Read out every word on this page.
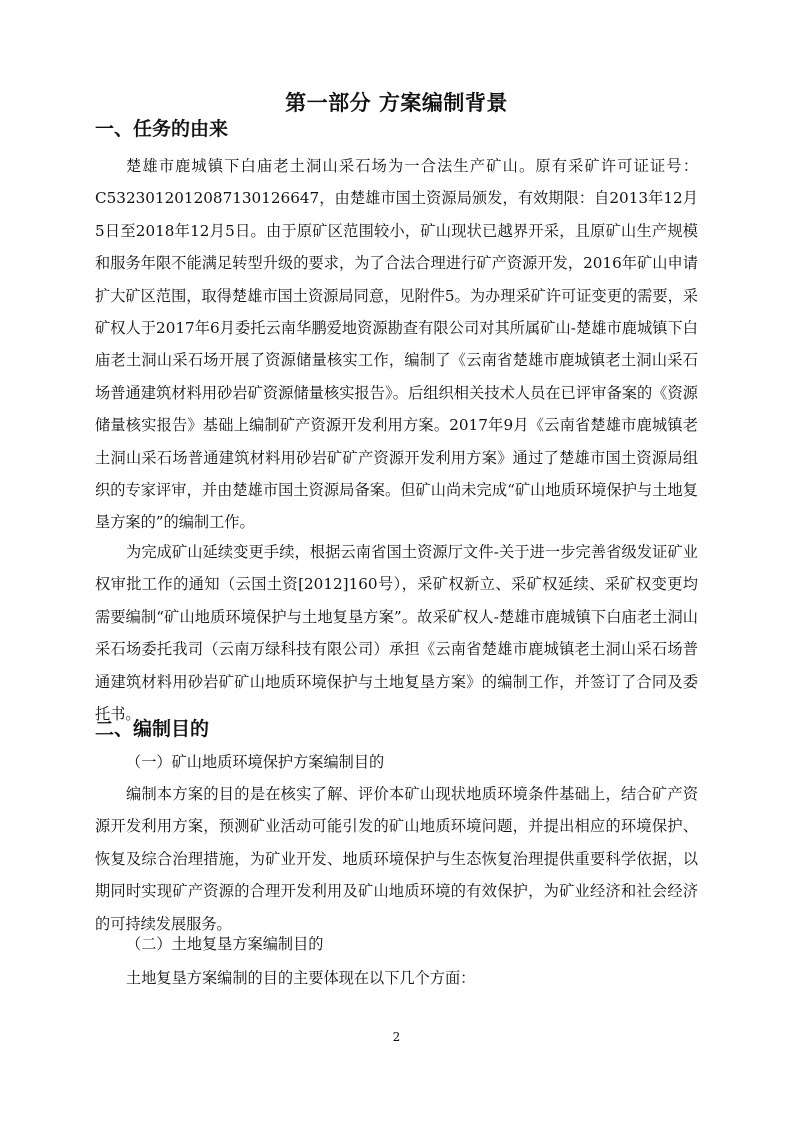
第一部分 方案编制背景
一、任务的由来

楚雄市鹿城镇下白庙老土洞山采石场为一合法生产矿山。原有采矿许可证证号：C5323012012087130126647，由楚雄市国土资源局颁发，有效期限：自2013年12月5日至2018年12月5日。由于原矿区范围较小，矿山现状已越界开采，且原矿山生产规模和服务年限不能满足转型升级的要求，为了合法合理进行矿产资源开发，2016年矿山申请扩大矿区范围，取得楚雄市国土资源局同意，见附件5。为办理采矿许可证变更的需要，采矿权人于2017年6月委托云南华鹏爱地资源勘查有限公司对其所属矿山-楚雄市鹿城镇下白庙老土洞山采石场开展了资源储量核实工作，编制了《云南省楚雄市鹿城镇老土洞山采石场普通建筑材料用砂岩矿资源储量核实报告》。后组织相关技术人员在已评审备案的《资源储量核实报告》基础上编制矿产资源开发利用方案。2017年9月《云南省楚雄市鹿城镇老土洞山采石场普通建筑材料用砂岩矿矿产资源开发利用方案》通过了楚雄市国土资源局组织的专家评审，并由楚雄市国土资源局备案。但矿山尚未完成“矿山地质环境保护与土地复垦方案的”的编制工作。

为完成矿山延续变更手续，根据云南省国土资源厅文件-关于进一步完善省级发证矿业权审批工作的通知（云国土资[2012]160号），采矿权新立、采矿权延续、采矿权变更均需要编制“矿山地质环境保护与土地复垦方案”。故采矿权人-楚雄市鹿城镇下白庙老土洞山采石场委托我司（云南万绿科技有限公司）承担《云南省楚雄市鹿城镇老土洞山采石场普通建筑材料用砂岩矿矿山地质环境保护与土地复垦方案》的编制工作，并签订了合同及委托书。

二、编制目的
（一）矿山地质环境保护方案编制目的

编制本方案的目的是在核实了解、评价本矿山现状地质环境条件基础上，结合矿产资源开发利用方案，预测矿业活动可能引发的矿山地质环境问题，并提出相应的环境保护、恢复及综合治理措施，为矿业开发、地质环境保护与生态恢复治理提供重要科学依据，以期同时实现矿产资源的合理开发利用及矿山地质环境的有效保护，为矿业经济和社会经济的可持续发展服务。

（二）土地复垦方案编制目的

土地复垦方案编制的目的主要体现在以下几个方面：

2
